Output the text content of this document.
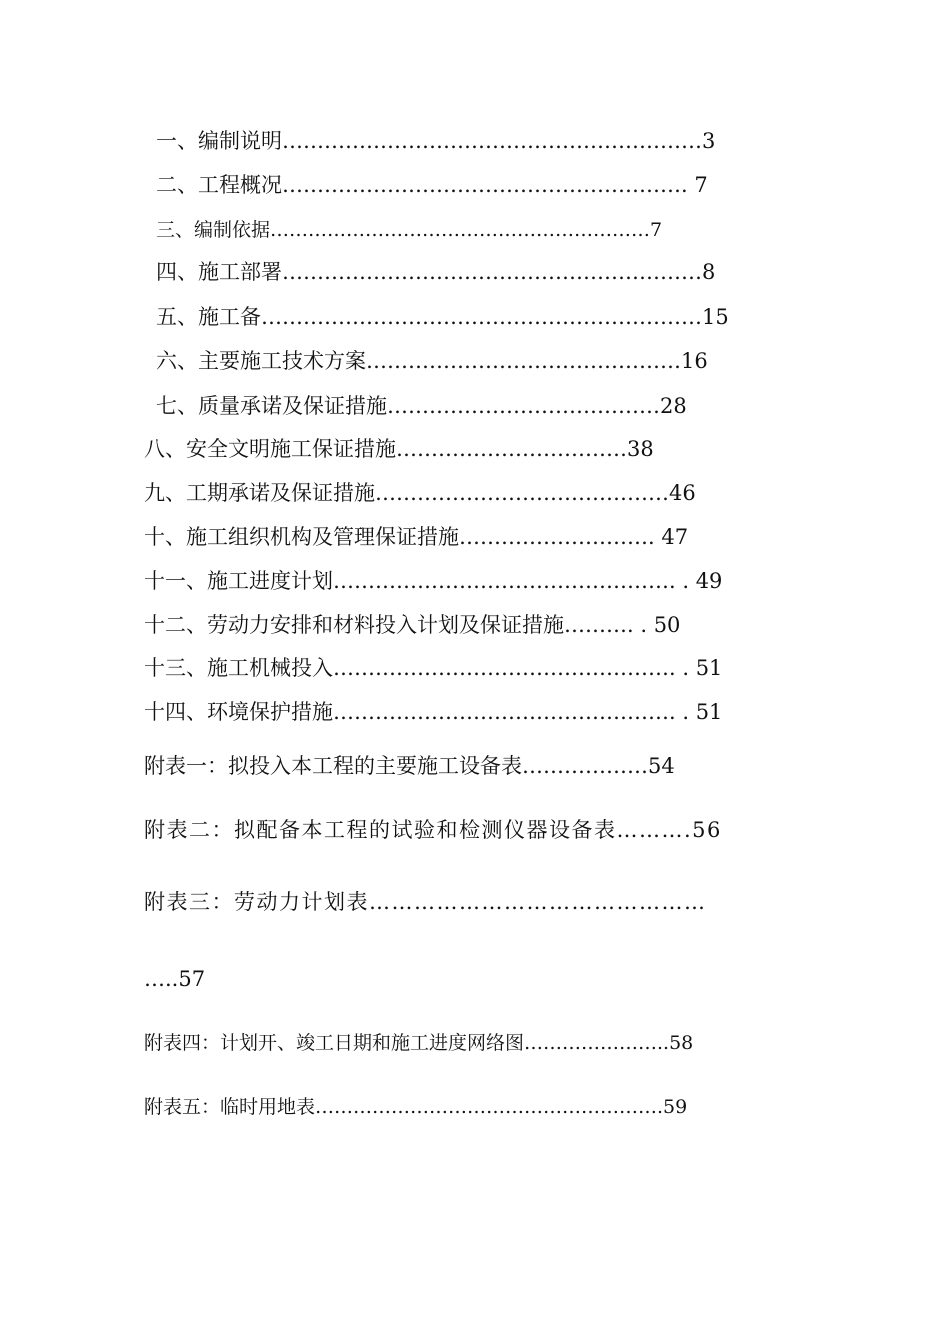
一、编制说明……………………………………………………3
二、工程概况…………………………………………………. 7
三、编制依据……………………………………………………7
四、施工部署……………………………………………………8
五、施工备………………………………………………………15
六、主要施工技术方案………………………………………16
七、质量承诺及保证措施…………………………………28
八、安全文明施工保证措施……………………………38
九、工期承诺及保证措施……………………………………46
十、施工组织机构及管理保证措施………………………. 47
十一、施工进度计划…………………………………………. . 49
十二、劳动力安排和材料投入计划及保证措施………. . 50
十三、施工机械投入…………………………………………. . 51
十四、环境保护措施…………………………………………. . 51
附表一：拟投入本工程的主要施工设备表………………54
附表二：拟配备本工程的试验和检测仪器设备表……….56
附表三：劳动力计划表………………………………………
…..57
附表四：计划开、竣工日期和施工进度网络图…………………..58
附表五：临时用地表……………………………………………….59
